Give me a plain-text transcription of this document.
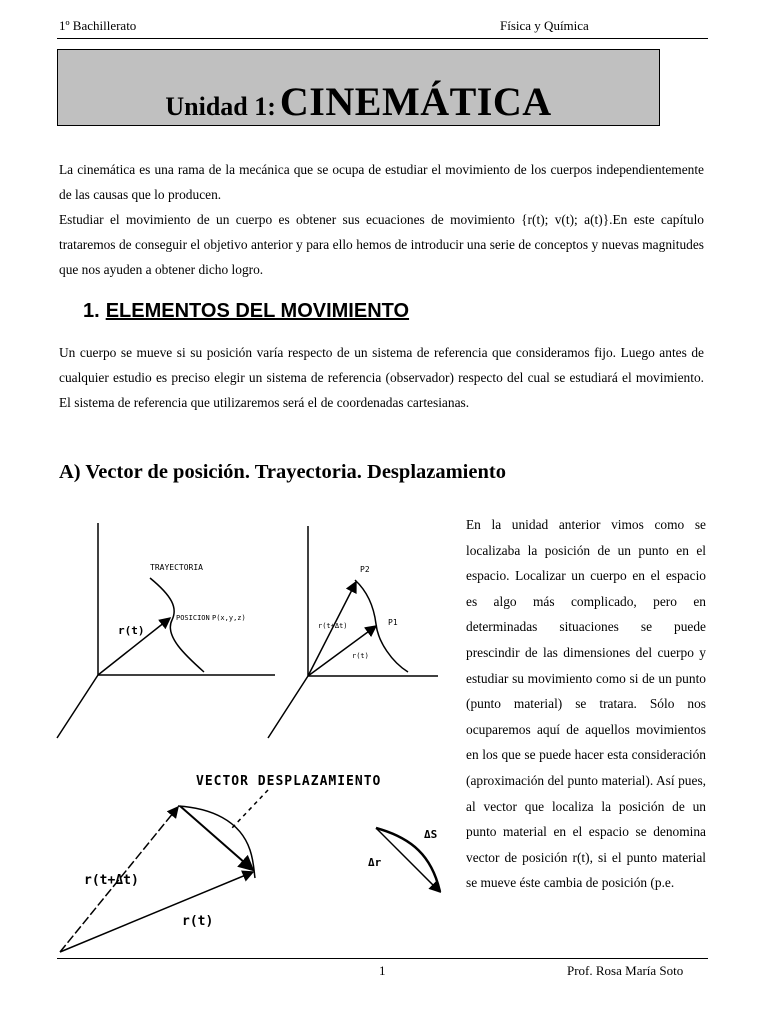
1º Bachillerato	Física y Química
Unidad 1: CINEMÁTICA
La cinemática es una rama de la mecánica que se ocupa de estudiar el movimiento de los cuerpos independientemente de las causas que lo producen.
Estudiar el movimiento de un cuerpo es obtener sus ecuaciones de movimiento {r(t); v(t); a(t)}.En este capítulo trataremos de conseguir el objetivo anterior y para ello hemos de introducir una serie de conceptos y nuevas magnitudes que nos ayuden a obtener dicho logro.
1. ELEMENTOS DEL MOVIMIENTO
Un cuerpo se mueve si su posición varía respecto de un sistema de referencia que consideramos fijo. Luego antes de cualquier estudio es preciso elegir un sistema de referencia (observador) respecto del cual se estudiará el movimiento. El sistema de referencia que utilizaremos será el de coordenadas cartesianas.
A) Vector de posición. Trayectoria. Desplazamiento
En la unidad anterior vimos como se localizaba la posición de un punto en el espacio. Localizar un cuerpo en el espacio es algo más complicado, pero en determinadas situaciones se puede prescindir de las dimensiones del cuerpo y estudiar su movimiento como si de un punto (punto material) se tratara. Sólo nos ocuparemos aquí de aquellos movimientos en los que se puede hacer esta consideración (aproximación del punto material). Así pues, al vector que localiza la posición de un punto material en el espacio se denomina vector de posición r(t), si el punto material se mueve éste cambia de posición (p.e.
TRAYECTORIA
POSICION P(x,y,z)
r(t)
P2
P1
r(t+Δt)
r(t)
VECTOR DESPLAZAMIENTO
r(t+Δt)
r(t)
ΔS
Δr
1	Prof. Rosa María Soto
